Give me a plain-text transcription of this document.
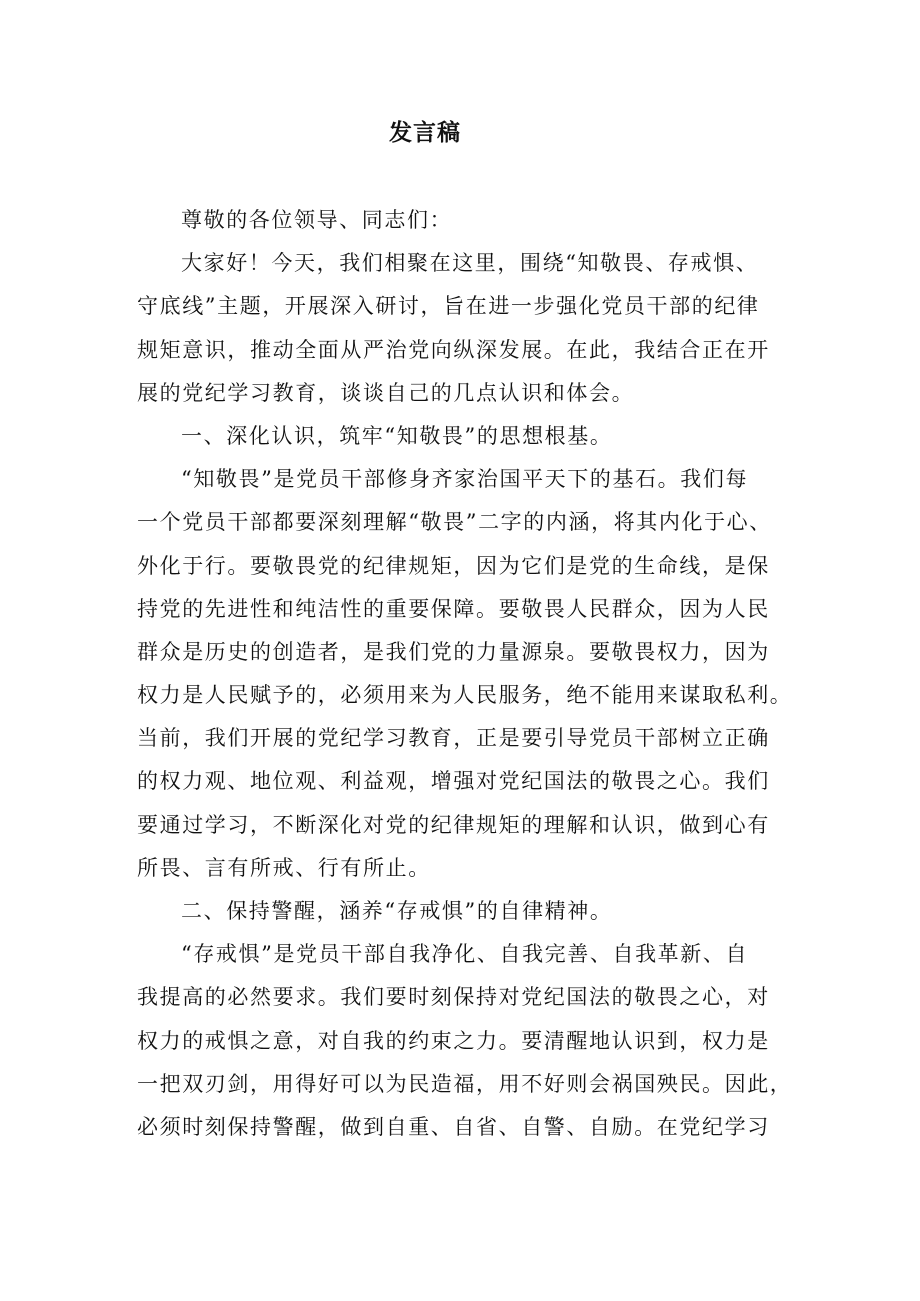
发言稿
尊敬的各位领导、同志们：
大家好！今天，我们相聚在这里，围绕“知敬畏、存戒惧、
守底线”主题，开展深入研讨，旨在进一步强化党员干部的纪律
规矩意识，推动全面从严治党向纵深发展。在此，我结合正在开
展的党纪学习教育，谈谈自己的几点认识和体会。
一、深化认识，筑牢“知敬畏”的思想根基。
“知敬畏”是党员干部修身齐家治国平天下的基石。我们每
一个党员干部都要深刻理解“敬畏”二字的内涵，将其内化于心、
外化于行。要敬畏党的纪律规矩，因为它们是党的生命线，是保
持党的先进性和纯洁性的重要保障。要敬畏人民群众，因为人民
群众是历史的创造者，是我们党的力量源泉。要敬畏权力，因为
权力是人民赋予的，必须用来为人民服务，绝不能用来谋取私利。
当前，我们开展的党纪学习教育，正是要引导党员干部树立正确
的权力观、地位观、利益观，增强对党纪国法的敬畏之心。我们
要通过学习，不断深化对党的纪律规矩的理解和认识，做到心有
所畏、言有所戒、行有所止。
二、保持警醒，涵养“存戒惧”的自律精神。
“存戒惧”是党员干部自我净化、自我完善、自我革新、自
我提高的必然要求。我们要时刻保持对党纪国法的敬畏之心，对
权力的戒惧之意，对自我的约束之力。要清醒地认识到，权力是
一把双刃剑，用得好可以为民造福，用不好则会祸国殃民。因此，
必须时刻保持警醒，做到自重、自省、自警、自励。在党纪学习
